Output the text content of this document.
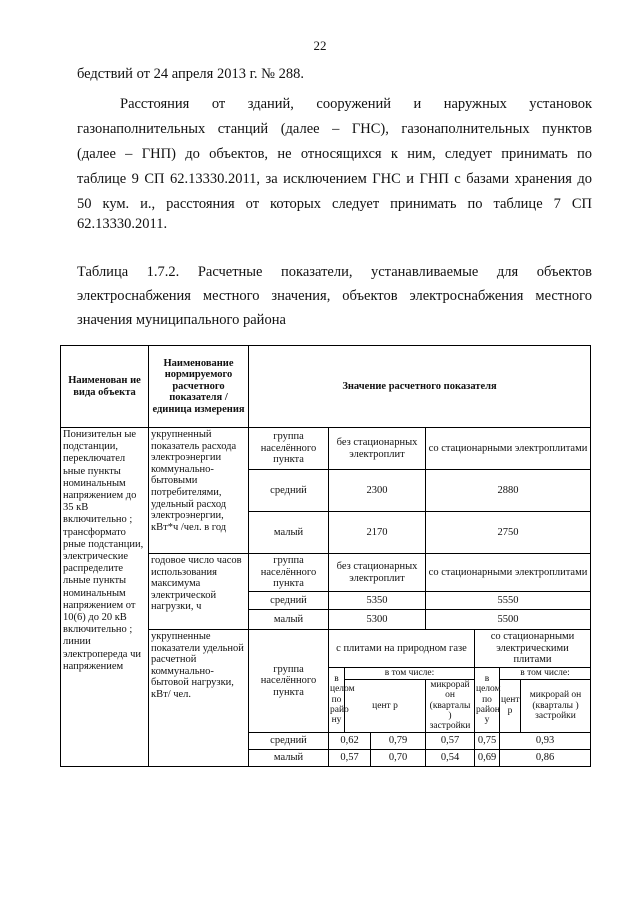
22
бедствий от 24 апреля 2013 г. № 288.
Расстояния от зданий, сооружений и наружных установок
газонаполнительных станций (далее – ГНС), газонаполнительных пунктов
(далее – ГНП) до объектов, не относящихся к ним, следует принимать по
таблице 9 СП 62.13330.2011, за исключением ГНС и ГНП с базами хранения до
50 кум. и., расстояния от которых следует принимать по таблице 7 СП
62.13330.2011.
Таблица 1.7.2. Расчетные показатели, устанавливаемые для объектов
электроснабжения местного значения, объектов электроснабжения местного
значения муниципального района
Наименован ие вида объекта	Наименование нормируемого расчетного показателя / единица измерения	Значение расчетного показателя								
Понизительн ые подстанции, переключател ьные пункты номинальным напряжением до 35 кВ включительно ; трансформато рные подстанции, электрические распределите льные пункты номинальным напряжением от 10(6) до 20 кВ включительно ; линии электропереда чи напряжением	укрупненный показатель расхода электроэнергии коммунально-бытовыми потребителями, удельный расход электроэнергии, кВт*ч /чел. в год	группа населённого пункта	без стационарных электроплит			со стационарными электроплитами				
		средний	2300			2880				
		малый	2170			2750				
	годовое число часов использования максимума электрической нагрузки, ч	группа населённого пункта	без стационарных электроплит			со стационарными электроплитами				
		средний	5350			5550				
		малый	5300			5500				
	укрупненные показатели удельной расчетной коммунально-бытовой нагрузки, кВт/ чел.	группа населённого пункта	с плитами на природном газе				со стационарными электрическими плитами			
			в целом по райо ну	в том числе:			в целом по район у	в том числе:		
				цент р		микрорай он (кварталы ) застройки		цент р	микрорай он (кварталы ) застройки	

		средний	0,62		0,79	0,57	0,75	0,93	
		малый	0,57		0,70	0,54	0,69	0,86	
